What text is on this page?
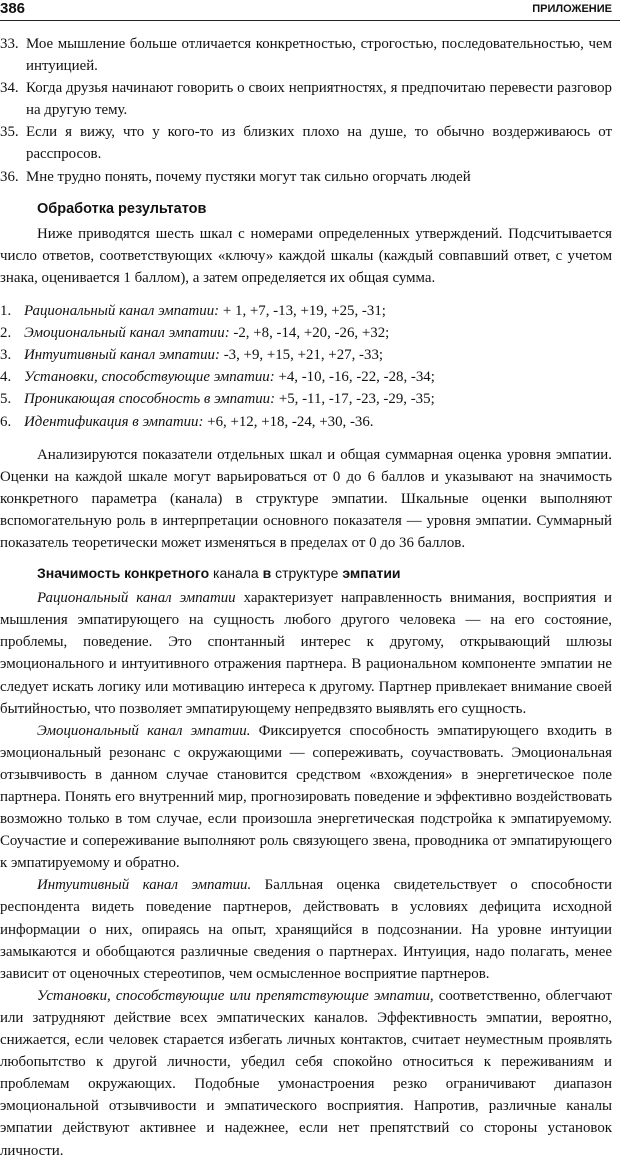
386	ПРИЛОЖЕНИЕ
33. Мое мышление больше отличается конкретностью, строгостью, последовательностью, чем интуицией.
34. Когда друзья начинают говорить о своих неприятностях, я предпочитаю перевести разговор на другую тему.
35. Если я вижу, что у кого-то из близких плохо на душе, то обычно воздерживаюсь от расспросов.
36. Мне трудно понять, почему пустяки могут так сильно огорчать людей
Обработка результатов

Ниже приводятся шесть шкал с номерами определенных утверждений. Подсчитывается число ответов, соответствующих «ключу» каждой шкалы (каждый совпавший ответ, с учетом знака, оценивается 1 баллом), а затем определяется их общая сумма.

1. Рациональный канал эмпатии: + 1, +7, -13, +19, +25, -31;
2. Эмоциональный канал эмпатии: -2, +8, -14, +20, -26, +32;
3. Интуитивный канал эмпатии: -3, +9, +15, +21, +27, -33;
4. Установки, способствующие эмпатии: +4, -10, -16, -22, -28, -34;
5. Проникающая способность в эмпатии: +5, -11, -17, -23, -29, -35;
6. Идентификация в эмпатии: +6, +12, +18, -24, +30, -36.

Анализируются показатели отдельных шкал и общая суммарная оценка уровня эмпатии. Оценки на каждой шкале могут варьироваться от 0 до 6 баллов и указывают на значимость конкретного параметра (канала) в структуре эмпатии. Шкальные оценки выполняют вспомогательную роль в интерпретации основного показателя — уровня эмпатии. Суммарный показатель теоретически может изменяться в пределах от 0 до 36 баллов.

Значимость конкретного канала в структуре эмпатии

Рациональный канал эмпатии характеризует направленность внимания, восприятия и мышления эмпатирующего на сущность любого другого человека — на его состояние, проблемы, поведение. Это спонтанный интерес к другому, открывающий шлюзы эмоционального и интуитивного отражения партнера. В рациональном компоненте эмпатии не следует искать логику или мотивацию интереса к другому. Партнер привлекает внимание своей бытийностью, что позволяет эмпатирующему непредвзято выявлять его сущность.

Эмоциональный канал эмпатии. Фиксируется способность эмпатирующего входить в эмоциональный резонанс с окружающими — сопереживать, соучаствовать. Эмоциональная отзывчивость в данном случае становится средством «вхождения» в энергетическое поле партнера. Понять его внутренний мир, прогнозировать поведение и эффективно воздействовать возможно только в том случае, если произошла энергетическая подстройка к эмпатируемому. Соучастие и сопереживание выполняют роль связующего звена, проводника от эмпатирующего к эмпатируемому и обратно.

Интуитивный канал эмпатии. Балльная оценка свидетельствует о способности респондента видеть поведение партнеров, действовать в условиях дефицита исходной информации о них, опираясь на опыт, хранящийся в подсознании. На уровне интуиции замыкаются и обобщаются различные сведения о партнерах. Интуиция, надо полагать, менее зависит от оценочных стереотипов, чем осмысленное восприятие партнеров.

Установки, способствующие или препятствующие эмпатии, соответственно, облегчают или затрудняют действие всех эмпатических каналов. Эффективность эмпатии, вероятно, снижается, если человек старается избегать личных контактов, считает неуместным проявлять любопытство к другой личности, убедил себя спокойно относиться к переживаниям и проблемам окружающих. Подобные умонастроения резко ограничивают диапазон эмоциональной отзывчивости и эмпатического восприятия. Напротив, различные каналы эмпатии действуют активнее и надежнее, если нет препятствий со стороны установок личности.
